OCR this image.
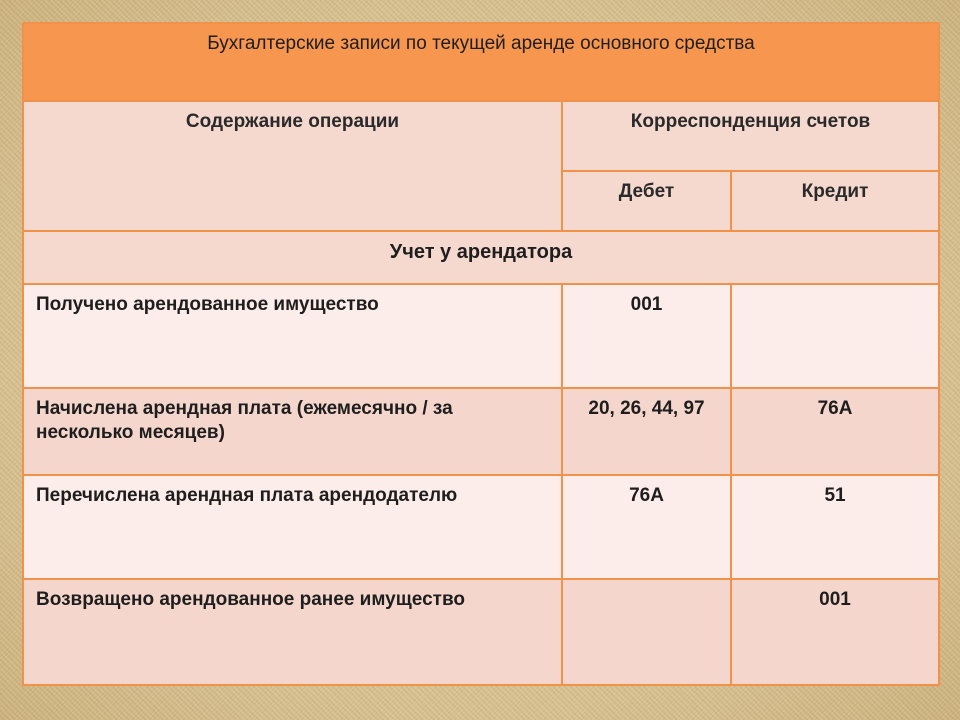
Бухгалтерские записи по текущей аренде основного средства		
Содержание операции	Корреспонденция счетов	
	Дебет	Кредит
Учет у арендатора		
Получено арендованное имущество	001	
Начислена арендная плата (ежемесячно / за несколько месяцев)	20, 26, 44, 97	76А
Перечислена арендная плата арендодателю	76А	51
Возвращено арендованное ранее имущество		001
